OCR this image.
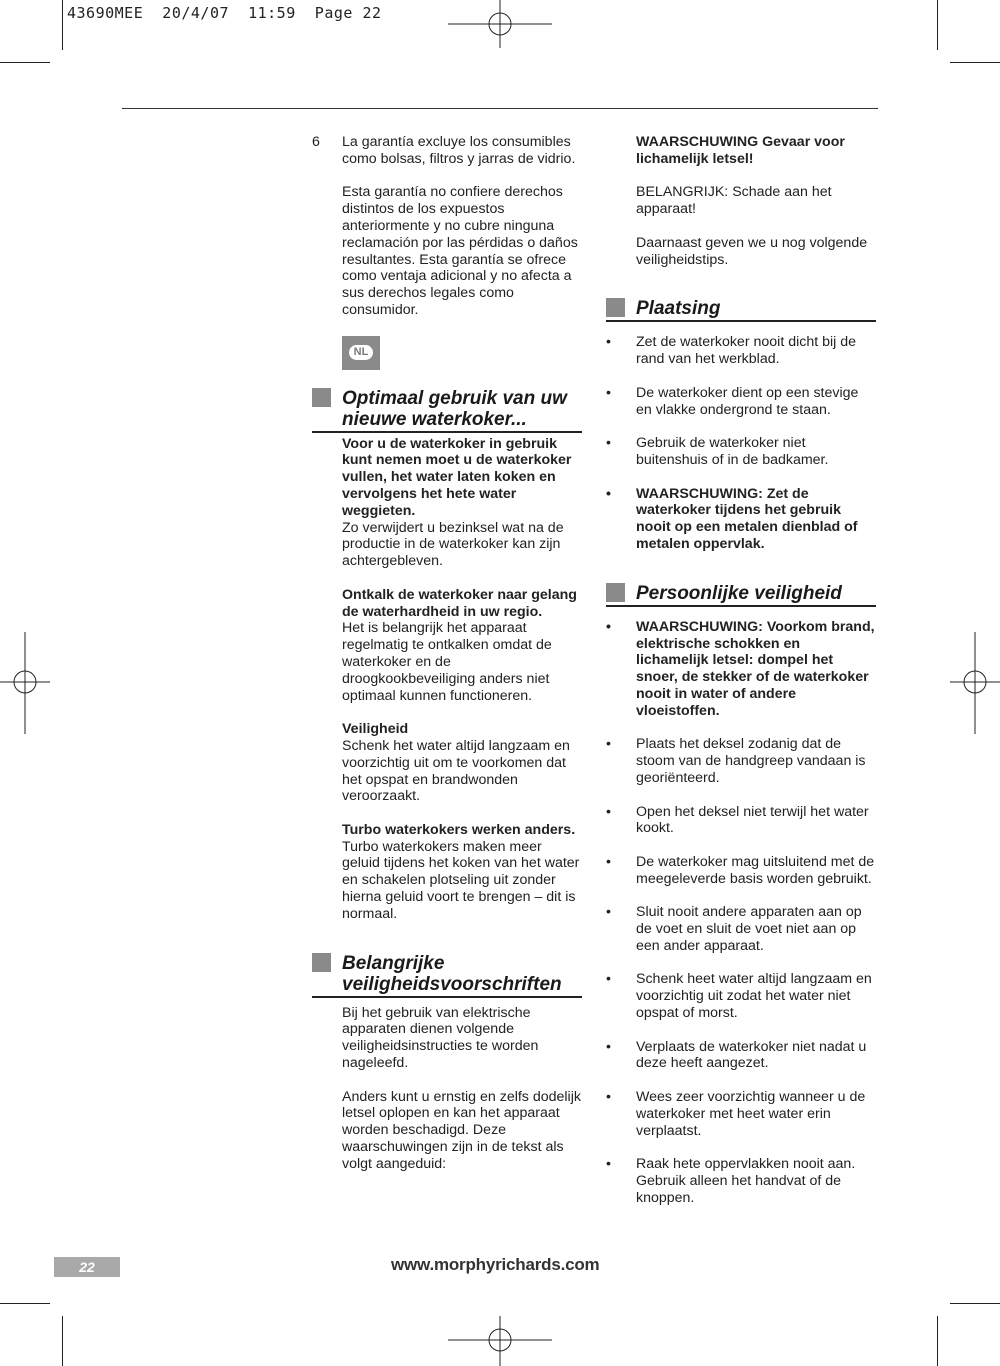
43690MEE  20/4/07  11:59  Page 22
6 La garantía excluye los consumibles como bolsas, filtros y jarras de vidrio.

Esta garantía no confiere derechos distintos de los expuestos anteriormente y no cubre ninguna reclamación por las pérdidas o daños resultantes. Esta garantía se ofrece como ventaja adicional y no afecta a sus derechos legales como consumidor.

NL
Optimaal gebruik van uw nieuwe waterkoker...
Voor u de waterkoker in gebruik kunt nemen moet u de waterkoker vullen, het water laten koken en vervolgens het hete water weggieten.

Zo verwijdert u bezinksel wat na de productie in de waterkoker kan zijn achtergebleven.

Ontkalk de waterkoker naar gelang de waterhardheid in uw regio.

Het is belangrijk het apparaat regelmatig te ontkalken omdat de waterkoker en de droogkookbeveiliging anders niet optimaal kunnen functioneren.

Veiligheid

Schenk het water altijd langzaam en voorzichtig uit om te voorkomen dat het opspat en brandwonden veroorzaakt.

Turbo waterkokers werken anders.

Turbo waterkokers maken meer geluid tijdens het koken van het water en schakelen plotseling uit zonder hierna geluid voort te brengen – dit is normaal.

Belangrijke veiligheidsvoorschriften

Bij het gebruik van elektrische apparaten dienen volgende veiligheidsinstructies te worden nageleefd.

Anders kunt u ernstig en zelfs dodelijk letsel oplopen en kan het apparaat worden beschadigd. Deze waarschuwingen zijn in de tekst als volgt aangeduid:

WAARSCHUWING Gevaar voor lichamelijk letsel!

BELANGRIJK: Schade aan het apparaat!

Daarnaast geven we u nog volgende veiligheidstips.

Plaatsing
• Zet de waterkoker nooit dicht bij de rand van het werkblad.
• De waterkoker dient op een stevige en vlakke ondergrond te staan.
• Gebruik de waterkoker niet buitenshuis of in de badkamer.
• WAARSCHUWING: Zet de waterkoker tijdens het gebruik nooit op een metalen dienblad of metalen oppervlak.
Persoonlijke veiligheid
• WAARSCHUWING: Voorkom brand, elektrische schokken en lichamelijk letsel: dompel het snoer, de stekker of de waterkoker nooit in water of andere vloeistoffen.
• Plaats het deksel zodanig dat de stoom van de handgreep vandaan is georiënteerd.
• Open het deksel niet terwijl het water kookt.
• De waterkoker mag uitsluitend met de meegeleverde basis worden gebruikt.
• Sluit nooit andere apparaten aan op de voet en sluit de voet niet aan op een ander apparaat.
• Schenk heet water altijd langzaam en voorzichtig uit zodat het water niet opspat of morst.
• Verplaats de waterkoker niet nadat u deze heeft aangezet.
• Wees zeer voorzichtig wanneer u de waterkoker met heet water erin verplaatst.
• Raak hete oppervlakken nooit aan. Gebruik alleen het handvat of de knoppen.
22	www.morphyrichards.com
